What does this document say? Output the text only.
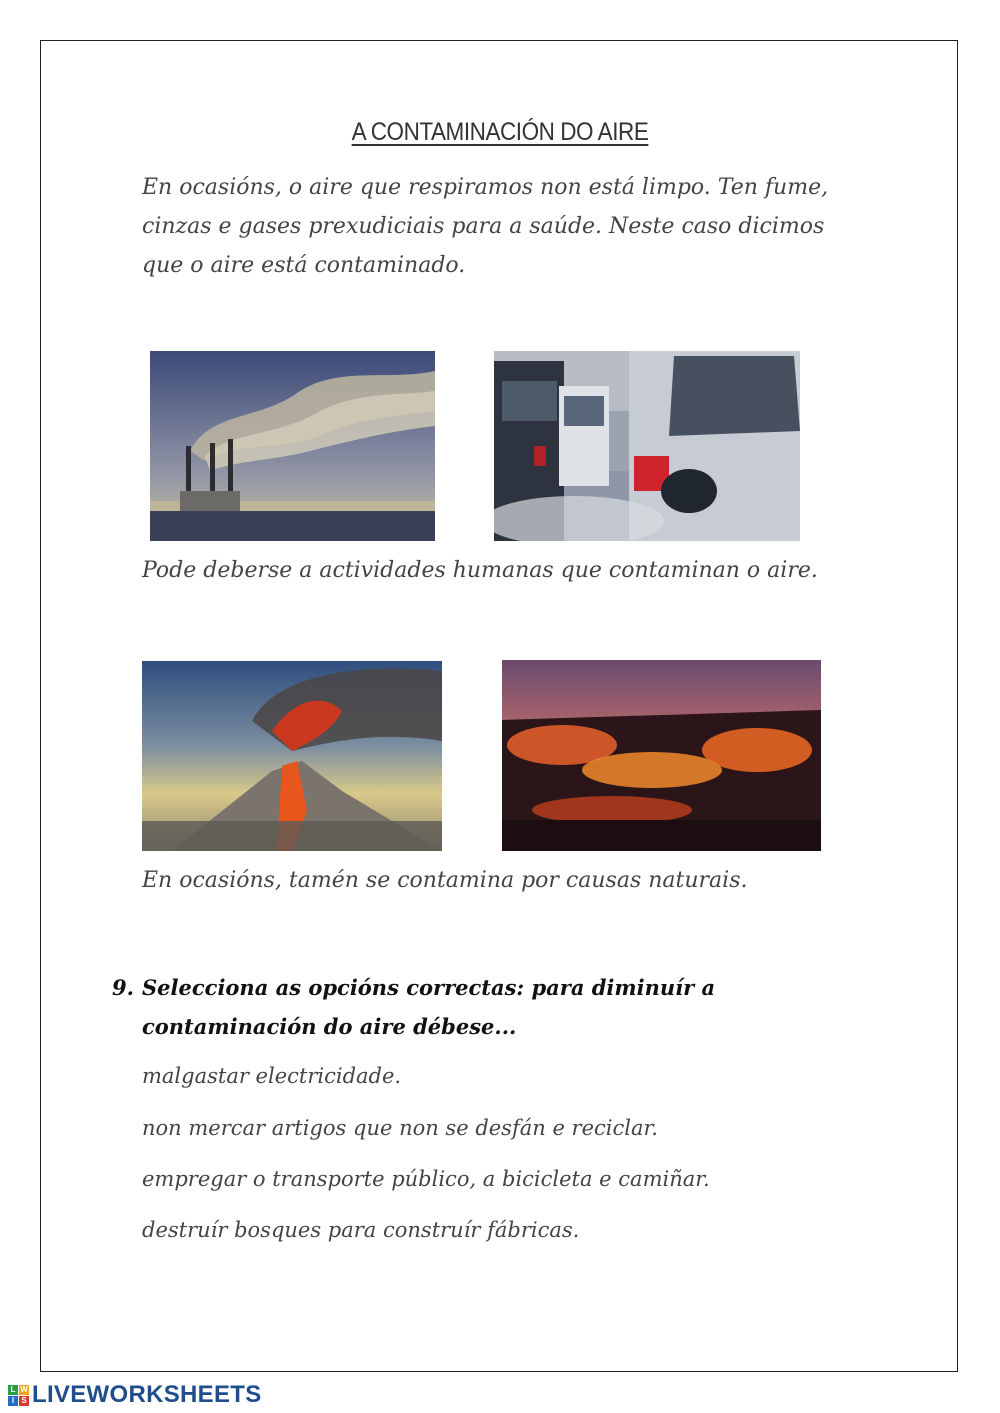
A CONTAMINACIÓN DO AIRE
En ocasións, o aire que respiramos non está limpo. Ten fume, cinzas e gases prexudiciais para a saúde. Neste caso dicimos que o aire está contaminado.
Pode deberse a actividades humanas que contaminan o aire.
En ocasións, tamén se contamina por causas naturais.
9. Selecciona as opcións correctas: para diminuír a contaminación do aire débese...
malgastar electricidade.
non mercar artigos que non se desfán e reciclar.
empregar o transporte público, a bicicleta e camiñar.
destruír bosques para construír fábricas.
L W
I S LIVEWORKSHEETS
